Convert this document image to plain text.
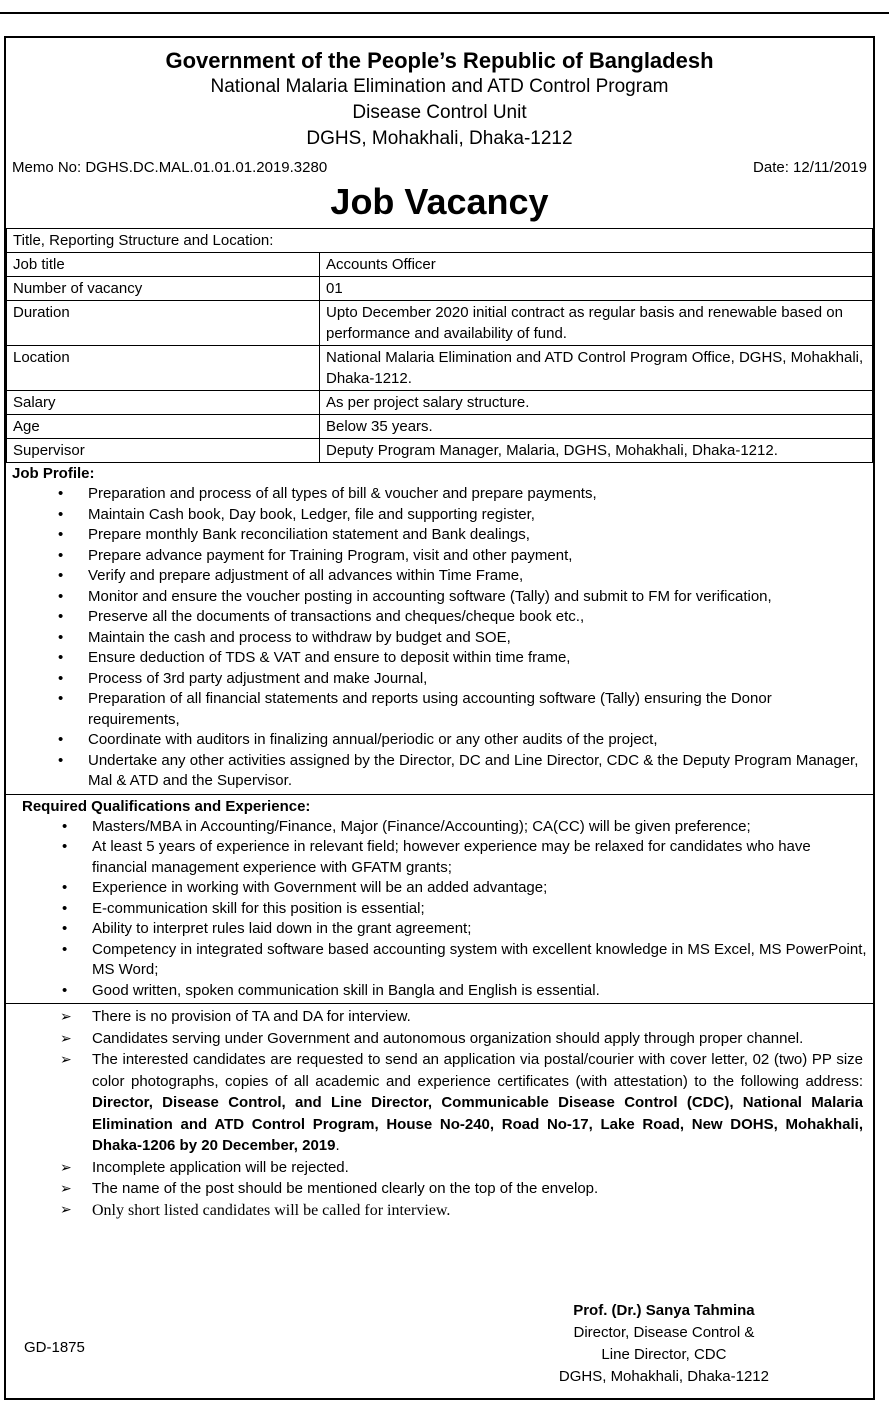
Government of the People’s Republic of Bangladesh
National Malaria Elimination and ATD Control Program
Disease Control Unit
DGHS, Mohakhali, Dhaka-1212
Memo No: DGHS.DC.MAL.01.01.01.2019.3280	Date: 12/11/2019
Job Vacancy
Title, Reporting Structure and Location:	
Job title	Accounts Officer
Number of vacancy	01
Duration	Upto December 2020 initial contract as regular basis and renewable based on performance and availability of fund.
Location	National Malaria Elimination and ATD Control Program Office, DGHS, Mohakhali, Dhaka-1212.
Salary	As per project salary structure.
Age	Below 35 years.
Supervisor	Deputy Program Manager, Malaria, DGHS, Mohakhali, Dhaka-1212.
Job Profile:
• Preparation and process of all types of bill & voucher and prepare payments,
• Maintain Cash book, Day book, Ledger, file and supporting register,
• Prepare monthly Bank reconciliation statement and Bank dealings,
• Prepare advance payment for Training Program, visit and other payment,
• Verify and prepare adjustment of all advances within Time Frame,
• Monitor and ensure the voucher posting in accounting software (Tally) and submit to FM for verification,
• Preserve all the documents of transactions and cheques/cheque book etc.,
• Maintain the cash and process to withdraw by budget and SOE,
• Ensure deduction of TDS & VAT and ensure to deposit within time frame,
• Process of 3rd party adjustment and make Journal,
• Preparation of all financial statements and reports using accounting software (Tally) ensuring the Donor requirements,
• Coordinate with auditors in finalizing annual/periodic or any other audits of the project,
• Undertake any other activities assigned by the Director, DC and Line Director, CDC & the Deputy Program Manager, Mal & ATD and the Supervisor.
Required Qualifications and Experience:
• Masters/MBA in Accounting/Finance, Major (Finance/Accounting); CA(CC) will be given preference;
• At least 5 years of experience in relevant field; however experience may be relaxed for candidates who have financial management experience with GFATM grants;
• Experience in working with Government will be an added advantage;
• E-communication skill for this position is essential;
• Ability to interpret rules laid down in the grant agreement;
• Competency in integrated software based accounting system with excellent knowledge in MS Excel, MS PowerPoint, MS Word;
• Good written, spoken communication skill in Bangla and English is essential.
➢ There is no provision of TA and DA for interview.
➢ Candidates serving under Government and autonomous organization should apply through proper channel.
➢ The interested candidates are requested to send an application via postal/courier with cover letter, 02 (two) PP size color photographs, copies of all academic and experience certificates (with attestation) to the following address: Director, Disease Control, and Line Director, Communicable Disease Control (CDC), National Malaria Elimination and ATD Control Program, House No-240, Road No-17, Lake Road, New DOHS, Mohakhali, Dhaka-1206 by 20 December, 2019.
➢ Incomplete application will be rejected.
➢ The name of the post should be mentioned clearly on the top of the envelop.
➢ Only short listed candidates will be called for interview.
GD-1875
Prof. (Dr.) Sanya Tahmina
Director, Disease Control &
Line Director, CDC
DGHS, Mohakhali, Dhaka-1212
